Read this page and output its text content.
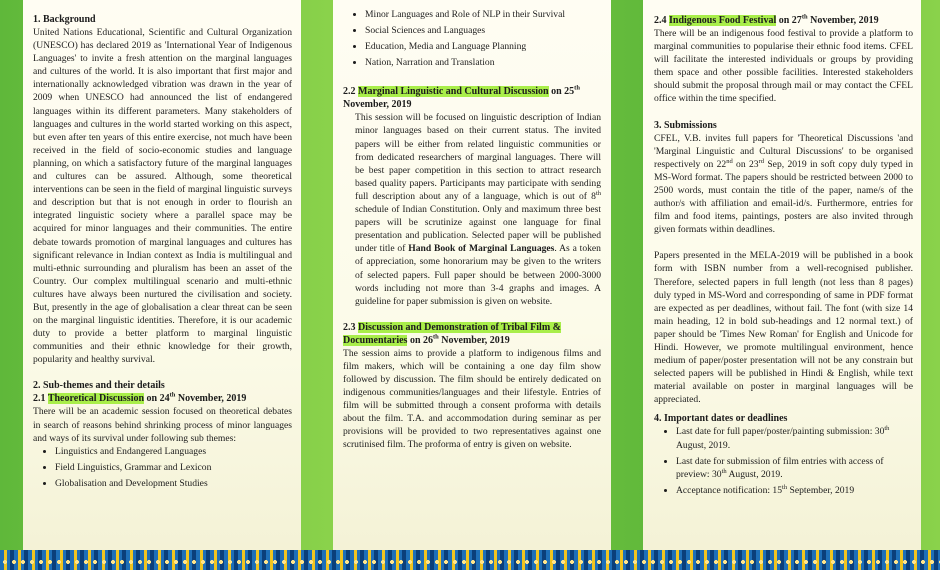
1. Background

United Nations Educational, Scientific and Cultural Organization (UNESCO) has declared 2019 as 'International Year of Indigenous Languages' to invite a fresh attention on the marginal languages and cultures of the world. It is also important that first major and internationally acknowledged vibration was drawn in the year of 2009 when UNESCO had announced the list of endangered languages within its different parameters. Many stakeholders of languages and cultures in the world started working on this aspect, but even after ten years of this entire exercise, not much have been received in the field of socio-economic studies and language planning, on which a satisfactory future of the marginal languages and cultures can be assured. Although, some theoretical interventions can be seen in the field of marginal linguistic surveys and description but that is not enough in order to flourish an integrated linguistic society where a parallel space may be acquired for minor languages and their communities. The entire debate towards promotion of marginal languages and cultures has significant relevance in Indian context as India is multilingual and multi-ethnic surrounding and pluralism has been an asset of the Country. Our complex multilingual scenario and multi-ethnic cultures have always been nurtured the civilisation and society. But, presently in the age of globalisation a clear threat can be seen on the marginal linguistic identities. Therefore, it is our academic duty to provide a better platform to marginal linguistic communities and their ethnic knowledge for their growth, popularity and healthy survival.

2. Sub-themes and their details
2.1 Theoretical Discussion on 24th November, 2019

There will be an academic session focused on theoretical debates in search of reasons behind shrinking process of minor languages and ways of its survival under following sub themes:

• Linguistics and Endangered Languages
• Field Linguistics, Grammar and Lexicon
• Globalisation and Development Studies
• Minor Languages and Role of NLP in their Survival
• Social Sciences and Languages
• Education, Media and Language Planning
• Nation, Narration and Translation
2.2 Marginal Linguistic and Cultural Discussion on 25th November, 2019

This session will be focused on linguistic description of Indian minor languages based on their current status. The invited papers will be either from related linguistic communities or from dedicated researchers of marginal languages. There will be best paper competition in this section to attract research based quality papers. Participants may participate with sending full description about any of a language, which is out of 8th schedule of Indian Constitution. Only and maximum three best papers will be scrutinize against one language for final presentation and publication. Selected paper will be published under title of Hand Book of Marginal Languages. As a token of appreciation, some honorarium may be given to the writers of selected papers. Full paper should be between 2000-3000 words including not more than 3-4 graphs and images. A guideline for paper submission is given on website.

2.3 Discussion and Demonstration of Tribal Film & Documentaries on 26th November, 2019

The session aims to provide a platform to indigenous films and film makers, which will be containing a one day film show followed by discussion. The film should be entirely dedicated on indigenous communities/languages and their lifestyle. Entries of film will be submitted through a consent proforma with details about the film. T.A. and accommodation during seminar as per provisions will be provided to two representatives against one scrutinised film. The proforma of entry is given on website.

2.4 Indigenous Food Festival on 27th November, 2019

There will be an indigenous food festival to provide a platform to marginal communities to popularise their ethnic food items. CFEL will facilitate the interested individuals or groups by providing them space and other possible facilities. Interested stakeholders should submit the proposal through mail or may contact the CFEL office within the time specified.

3. Submissions

CFEL, V.B. invites full papers for 'Theoretical Discussions 'and 'Marginal Linguistic and Cultural Discussions' to be organised respectively on 22nd on 23rd Sep, 2019 in soft copy duly typed in MS-Word format. The papers should be restricted between 2000 to 2500 words, must contain the title of the paper, name/s of the author/s with affiliation and email-id/s. Furthermore, entries for film and food items, paintings, posters are also invited through given formats within deadlines.

Papers presented in the MELA-2019 will be published in a book form with ISBN number from a well-recognised publisher. Therefore, selected papers in full length (not less than 8 pages) duly typed in MS-Word and corresponding of same in PDF format are expected as per deadlines, without fail. The font (with size 14 main heading, 12 in bold sub-headings and 12 normal text.) of paper should be 'Times New Roman' for English and Unicode for Hindi. However, we promote multilingual environment, hence medium of paper/poster presentation will not be any constrain but selected papers will be published in Hindi & English, while text material available on poster in marginal languages will be appreciated.

4. Important dates or deadlines
• Last date for full paper/poster/painting submission: 30th August, 2019.
• Last date for submission of film entries with access of preview: 30th August, 2019.
• Acceptance notification: 15th September, 2019
